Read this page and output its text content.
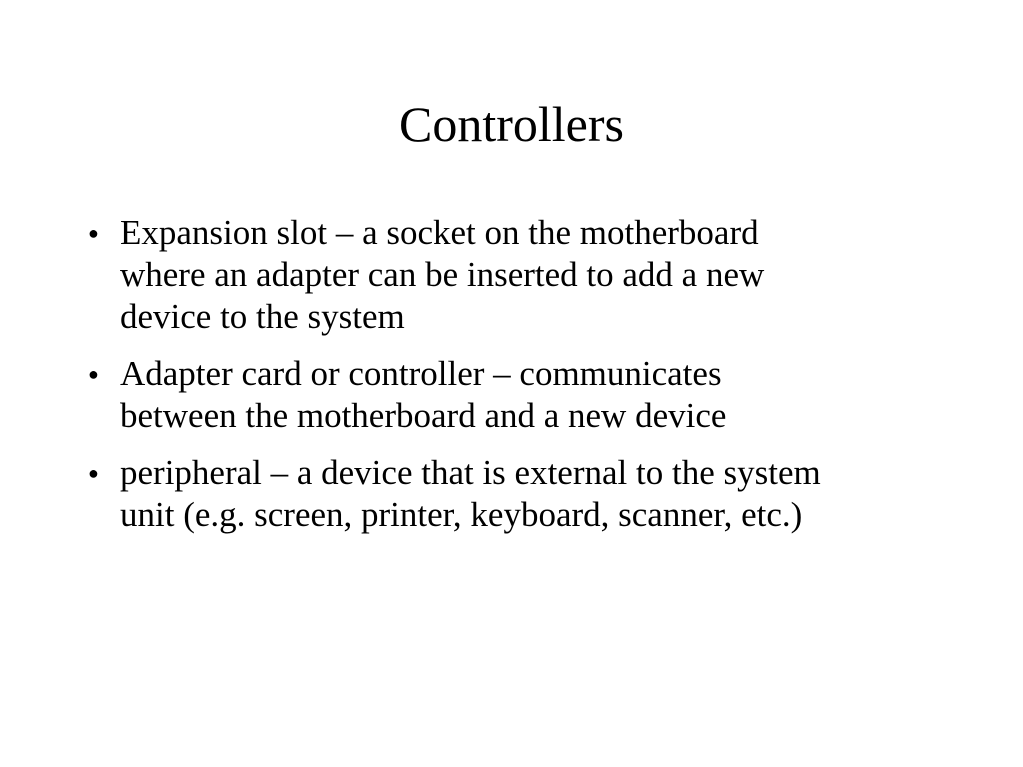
Controllers
● Expansion slot – a socket on the motherboard
where an adapter can be inserted to add a new
device to the system
● Adapter card or controller – communicates
between the motherboard and a new device
● peripheral – a device that is external to the system
unit (e.g. screen, printer, keyboard, scanner, etc.)
